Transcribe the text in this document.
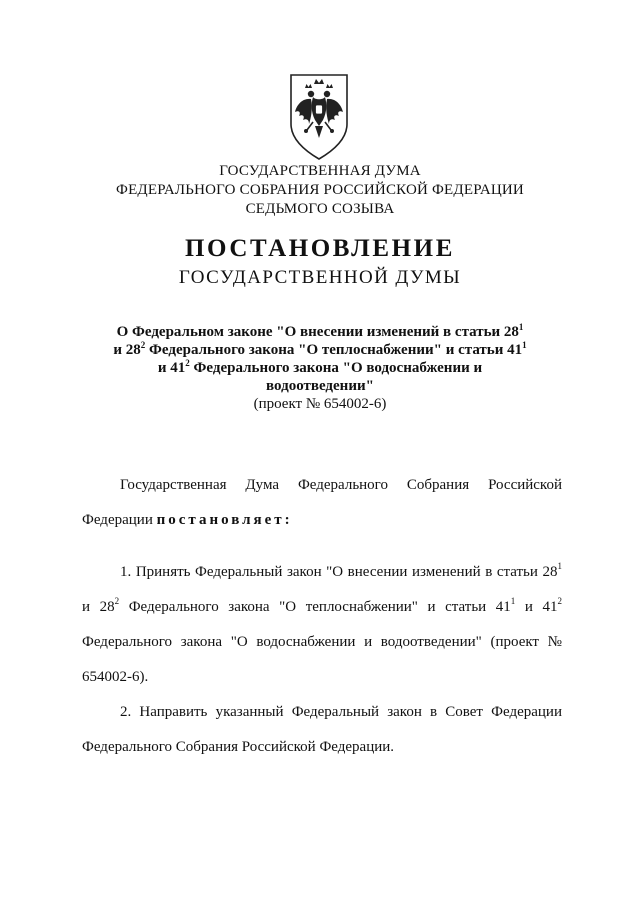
ГОСУДАРСТВЕННАЯ ДУМА
ФЕДЕРАЛЬНОГО СОБРАНИЯ РОССИЙСКОЙ ФЕДЕРАЦИИ
СЕДЬМОГО СОЗЫВА
ПОСТАНОВЛЕНИЕ
ГОСУДАРСТВЕННОЙ ДУМЫ
О Федеральном законе "О внесении изменений в статьи $28^1$
и $28^2$ Федерального закона "О теплоснабжении" и статьи $41^1$
и $41^2$ Федерального закона "О водоснабжении и
водоотведении"
(проект № 654002-6)

Государственная Дума Федерального Собрания Российской Федерации постановляет:

1. Принять Федеральный закон "О внесении изменений в статьи $28^1$ и $28^2$ Федерального закона "О теплоснабжении" и статьи $41^1$ и $41^2$ Федерального закона "О водоснабжении и водоотведении" (проект № 654002-6).

2. Направить указанный Федеральный закон в Совет Федерации Федерального Собрания Российской Федерации.
